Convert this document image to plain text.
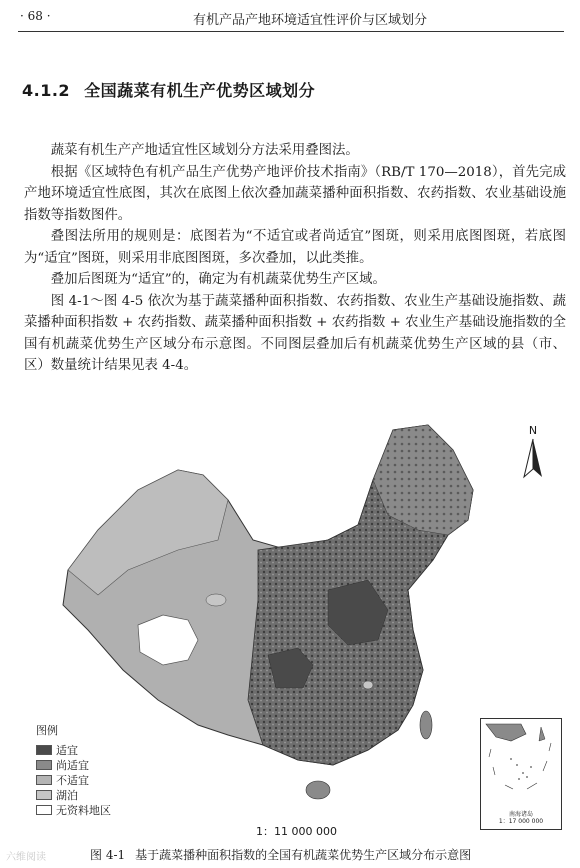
· 68 ·	有机产品产地环境适宜性评价与区域划分
4.1.2 全国蔬菜有机生产优势区域划分

蔬菜有机生产产地适宜性区域划分方法采用叠图法。

根据《区域特色有机产品生产优势产地评价技术指南》（RB/T 170—2018），首先完成产地环境适宜性底图，其次在底图上依次叠加蔬菜播种面积指数、农药指数、农业基础设施指数等指数图件。

叠图法所用的规则是：底图若为“不适宜或者尚适宜”图斑，则采用底图图斑，若底图为“适宜”图斑，则采用非底图图斑，多次叠加，以此类推。

叠加后图斑为“适宜”的，确定为有机蔬菜优势生产区域。

图 4-1～图 4-5 依次为基于蔬菜播种面积指数、农药指数、农业生产基础设施指数、蔬菜播种面积指数 + 农药指数、蔬菜播种面积指数 + 农药指数 + 农业生产基础设施指数的全国有机蔬菜优势生产区域分布示意图。不同图层叠加后有机蔬菜优势生产区域的县（市、区）数量统计结果见表 4-4。

N
图例
适宜
尚适宜
不适宜
湖泊
无资料地区	南海诸岛
1：17 000 000
1：11 000 000
六维阅读	图 4-1 基于蔬菜播种面积指数的全国有机蔬菜优势生产区域分布示意图
